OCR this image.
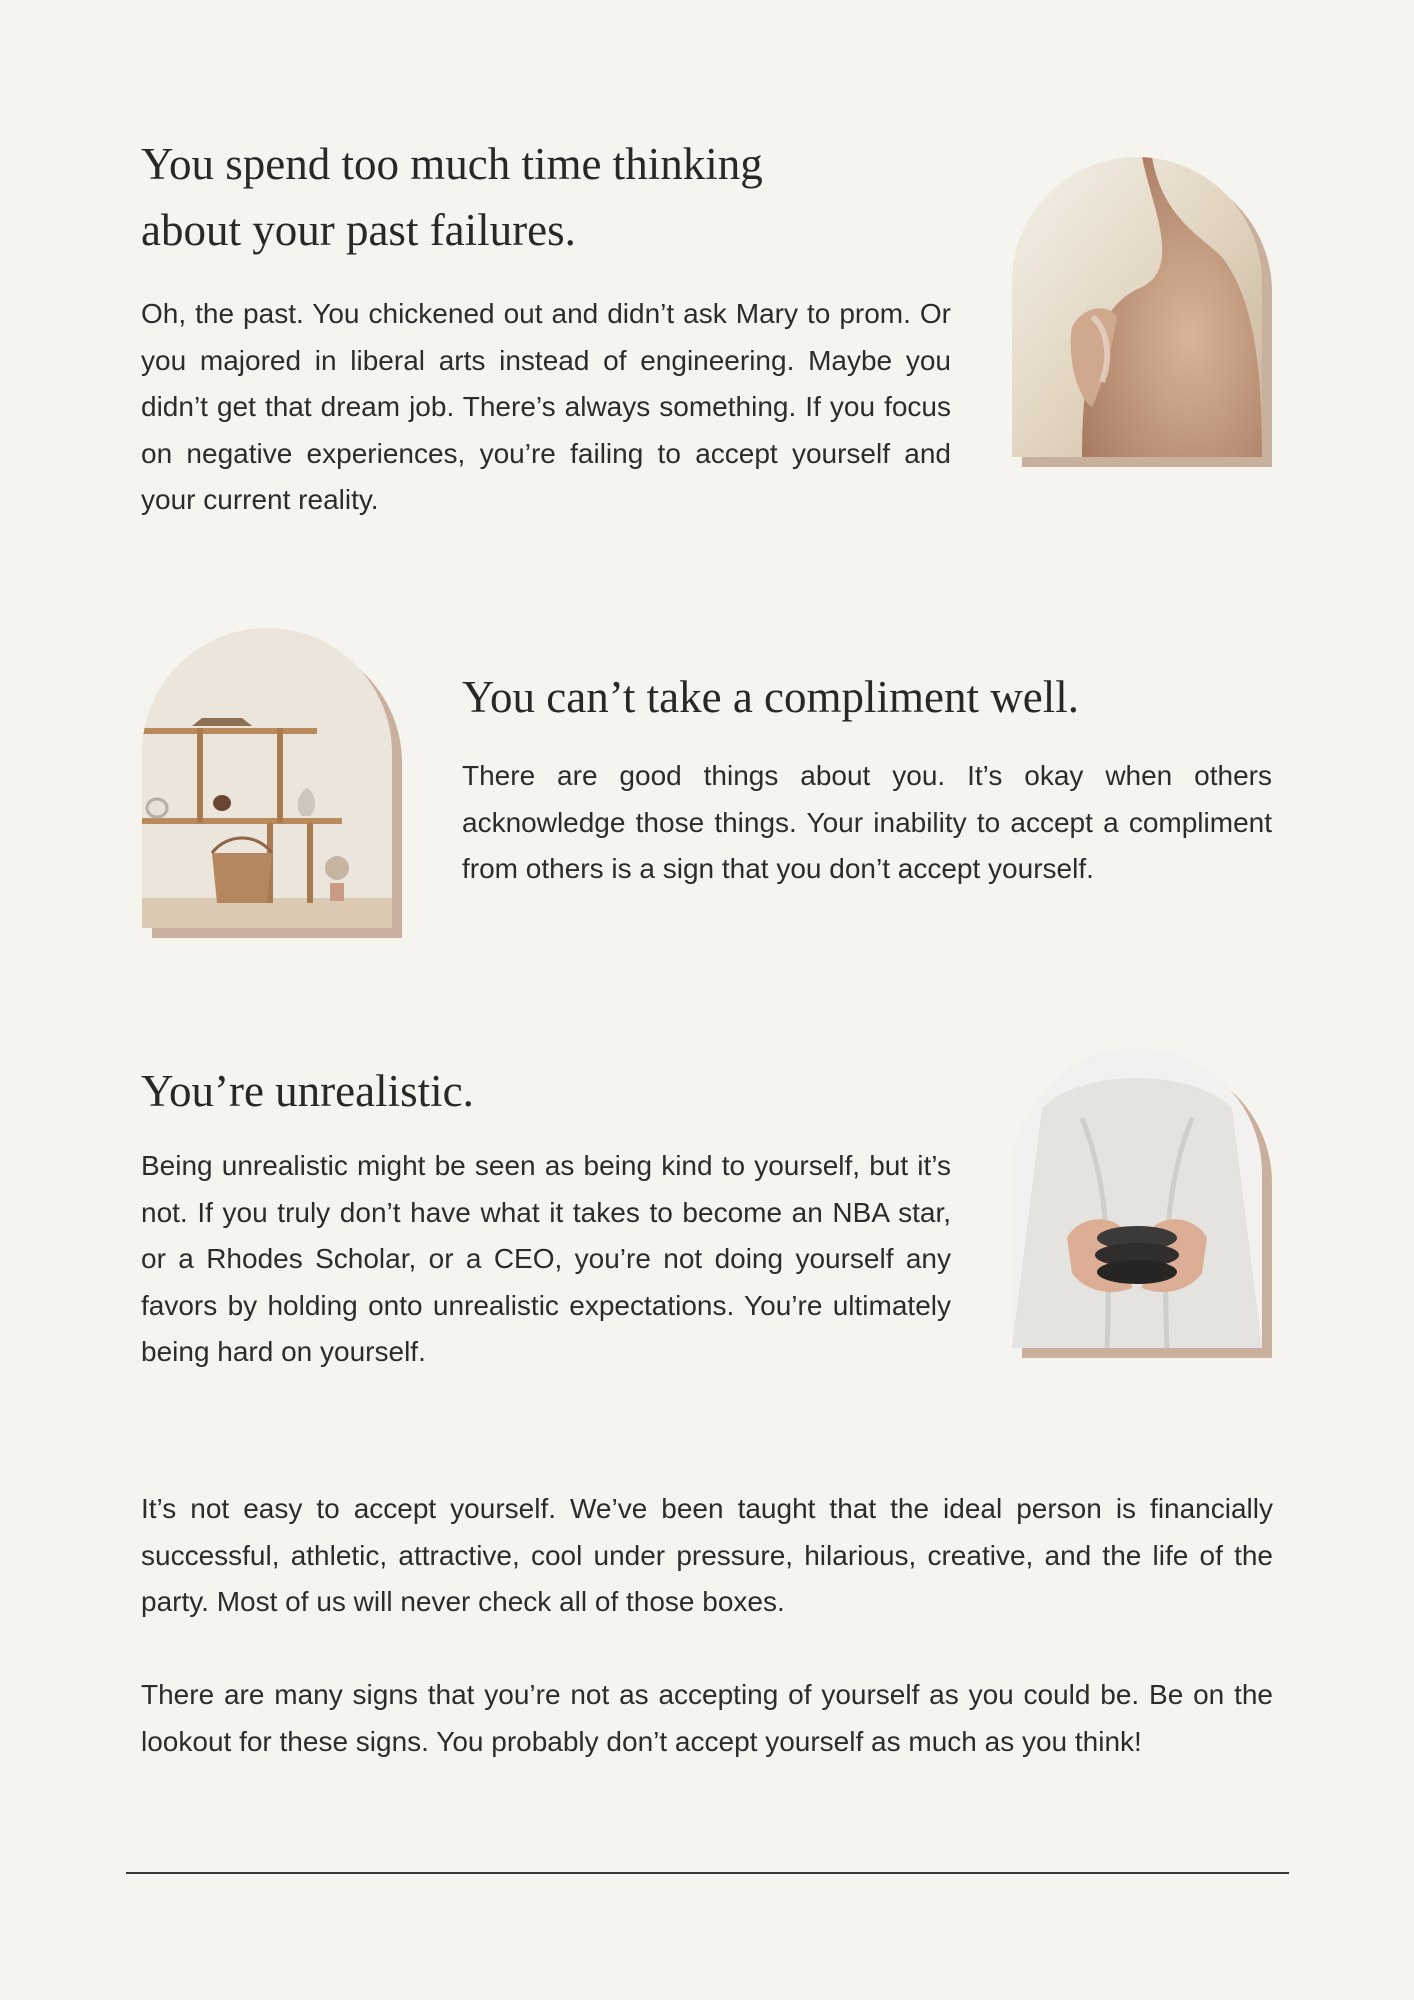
You spend too much time thinking about your past failures.

Oh, the past. You chickened out and didn’t ask Mary to prom. Or you majored in liberal arts instead of engineering. Maybe you didn’t get that dream job. There’s always something. If you focus on negative experiences, you’re failing to accept yourself and your current reality.

You can’t take a compliment well.

There are good things about you. It’s okay when others acknowledge those things. Your inability to accept a compliment from others is a sign that you don’t accept yourself.

You’re unrealistic.

Being unrealistic might be seen as being kind to yourself, but it’s not. If you truly don’t have what it takes to become an NBA star, or a Rhodes Scholar, or a CEO, you’re not doing yourself any favors by holding onto unrealistic expectations. You’re ultimately being hard on yourself.

It’s not easy to accept yourself. We’ve been taught that the ideal person is financially successful, athletic, attractive, cool under pressure, hilarious, creative, and the life of the party. Most of us will never check all of those boxes.

There are many signs that you’re not as accepting of yourself as you could be. Be on the lookout for these signs. You probably don’t accept yourself as much as you think!
